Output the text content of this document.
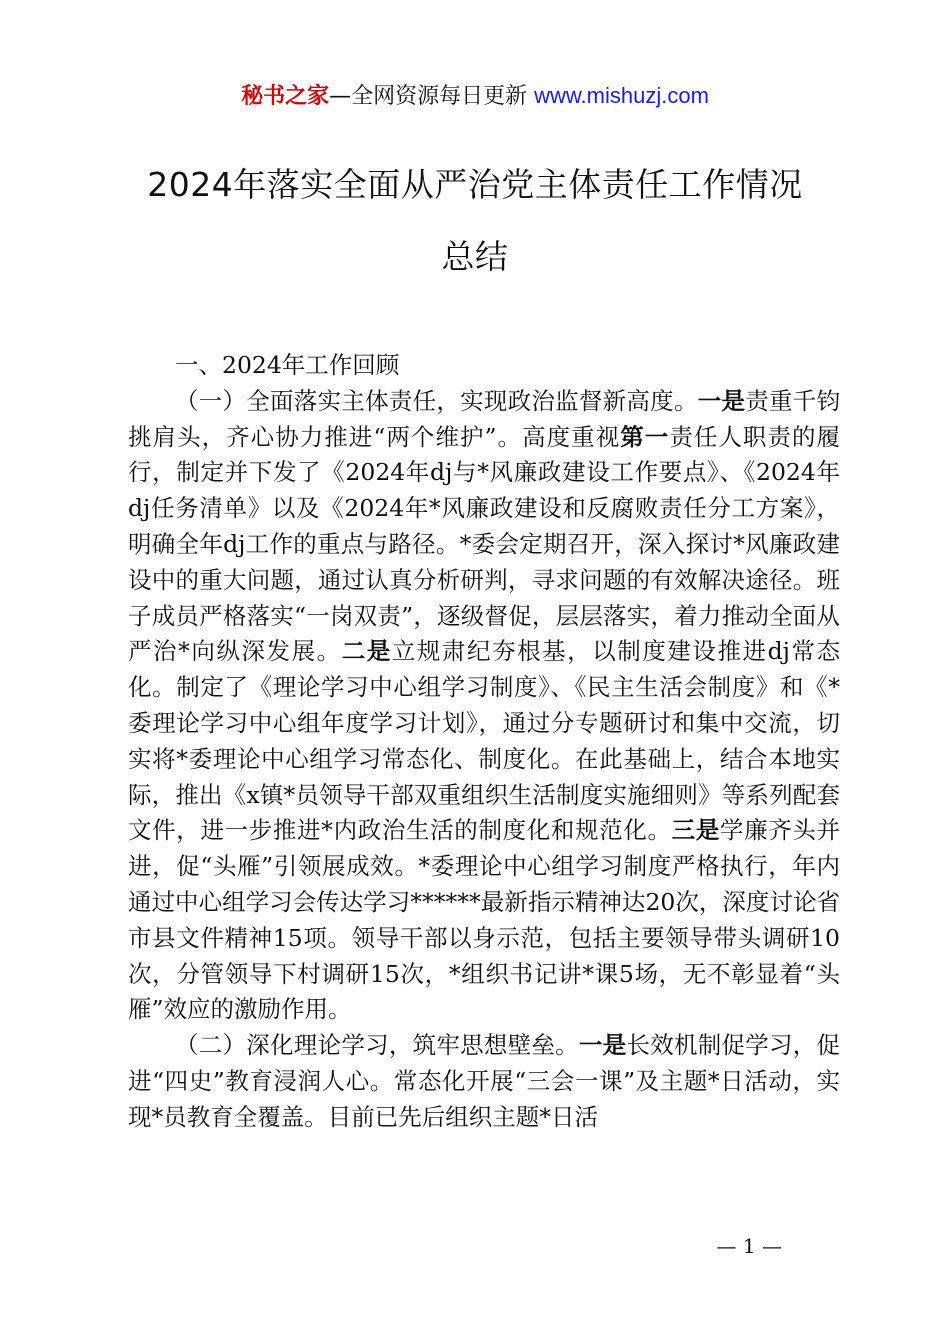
秘书之家—全网资源每日更新 www.mishuzj.com
2024年落实全面从严治党主体责任工作情况
总结

一、2024年工作回顾

（一）全面落实主体责任，实现政治监督新高度。一是责重千钧挑肩头，齐心协力推进“两个维护”。高度重视第一责任人职责的履行，制定并下发了《2024年dj与*风廉政建设工作要点》、《2024年dj任务清单》以及《2024年*风廉政建设和反腐败责任分工方案》，明确全年dj工作的重点与路径。*委会定期召开，深入探讨*风廉政建设中的重大问题，通过认真分析研判，寻求问题的有效解决途径。班子成员严格落实“一岗双责”，逐级督促，层层落实，着力推动全面从严治*向纵深发展。二是立规肃纪夯根基，以制度建设推进dj常态化。制定了《理论学习中心组学习制度》、《民主生活会制度》和《*委理论学习中心组年度学习计划》，通过分专题研讨和集中交流，切实将*委理论中心组学习常态化、制度化。在此基础上，结合本地实际，推出《x镇*员领导干部双重组织生活制度实施细则》等系列配套文件，进一步推进*内政治生活的制度化和规范化。三是学廉齐头并进，促“头雁”引领展成效。*委理论中心组学习制度严格执行，年内通过中心组学习会传达学习******最新指示精神达20次，深度讨论省市县文件精神15项。领导干部以身示范，包括主要领导带头调研10次，分管领导下村调研15次，*组织书记讲*课5场，无不彰显着“头雁”效应的激励作用。

（二）深化理论学习，筑牢思想壁垒。一是长效机制促学习，促进“四史”教育浸润人心。常态化开展“三会一课”及主题*日活动，实现*员教育全覆盖。目前已先后组织主题*日活

— 1 —
